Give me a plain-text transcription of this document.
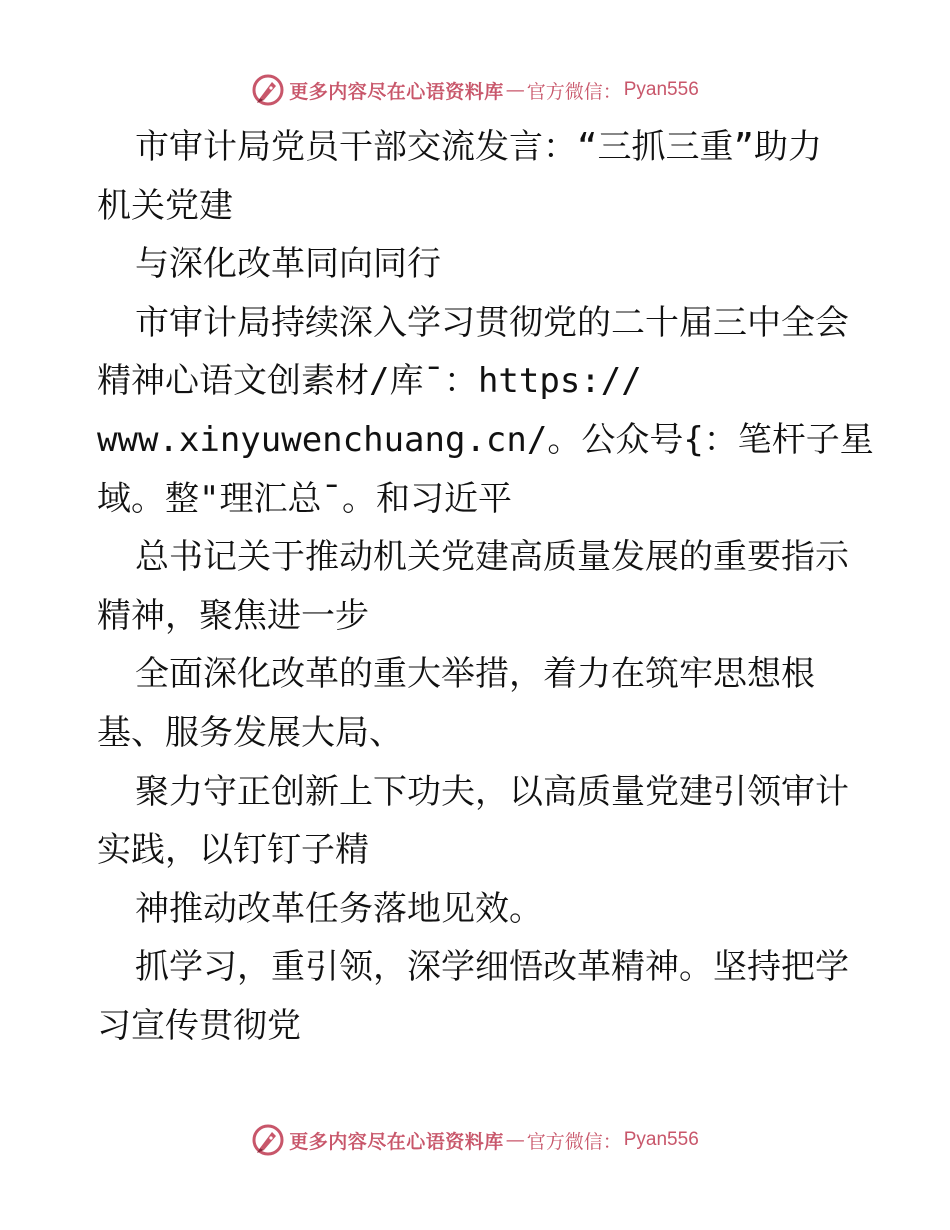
更多内容尽在心语资料库 — 官方微信： Pyan556
市审计局党员干部交流发言：“三抓三重”助力
机关党建
与深化改革同向同行
市审计局持续深入学习贯彻党的二十届三中全会
精神心语文创素材/库¯：https://
www.xinyuwenchuang.cn/。公众号{：笔杆子星
域。整"理汇总¯。和习近平
总书记关于推动机关党建高质量发展的重要指示
精神，聚焦进一步
全面深化改革的重大举措，着力在筑牢思想根
基、服务发展大局、
聚力守正创新上下功夫，以高质量党建引领审计
实践，以钉钉子精
神推动改革任务落地见效。
抓学习，重引领，深学细悟改革精神。坚持把学
习宣传贯彻党
更多内容尽在心语资料库 — 官方微信： Pyan556
